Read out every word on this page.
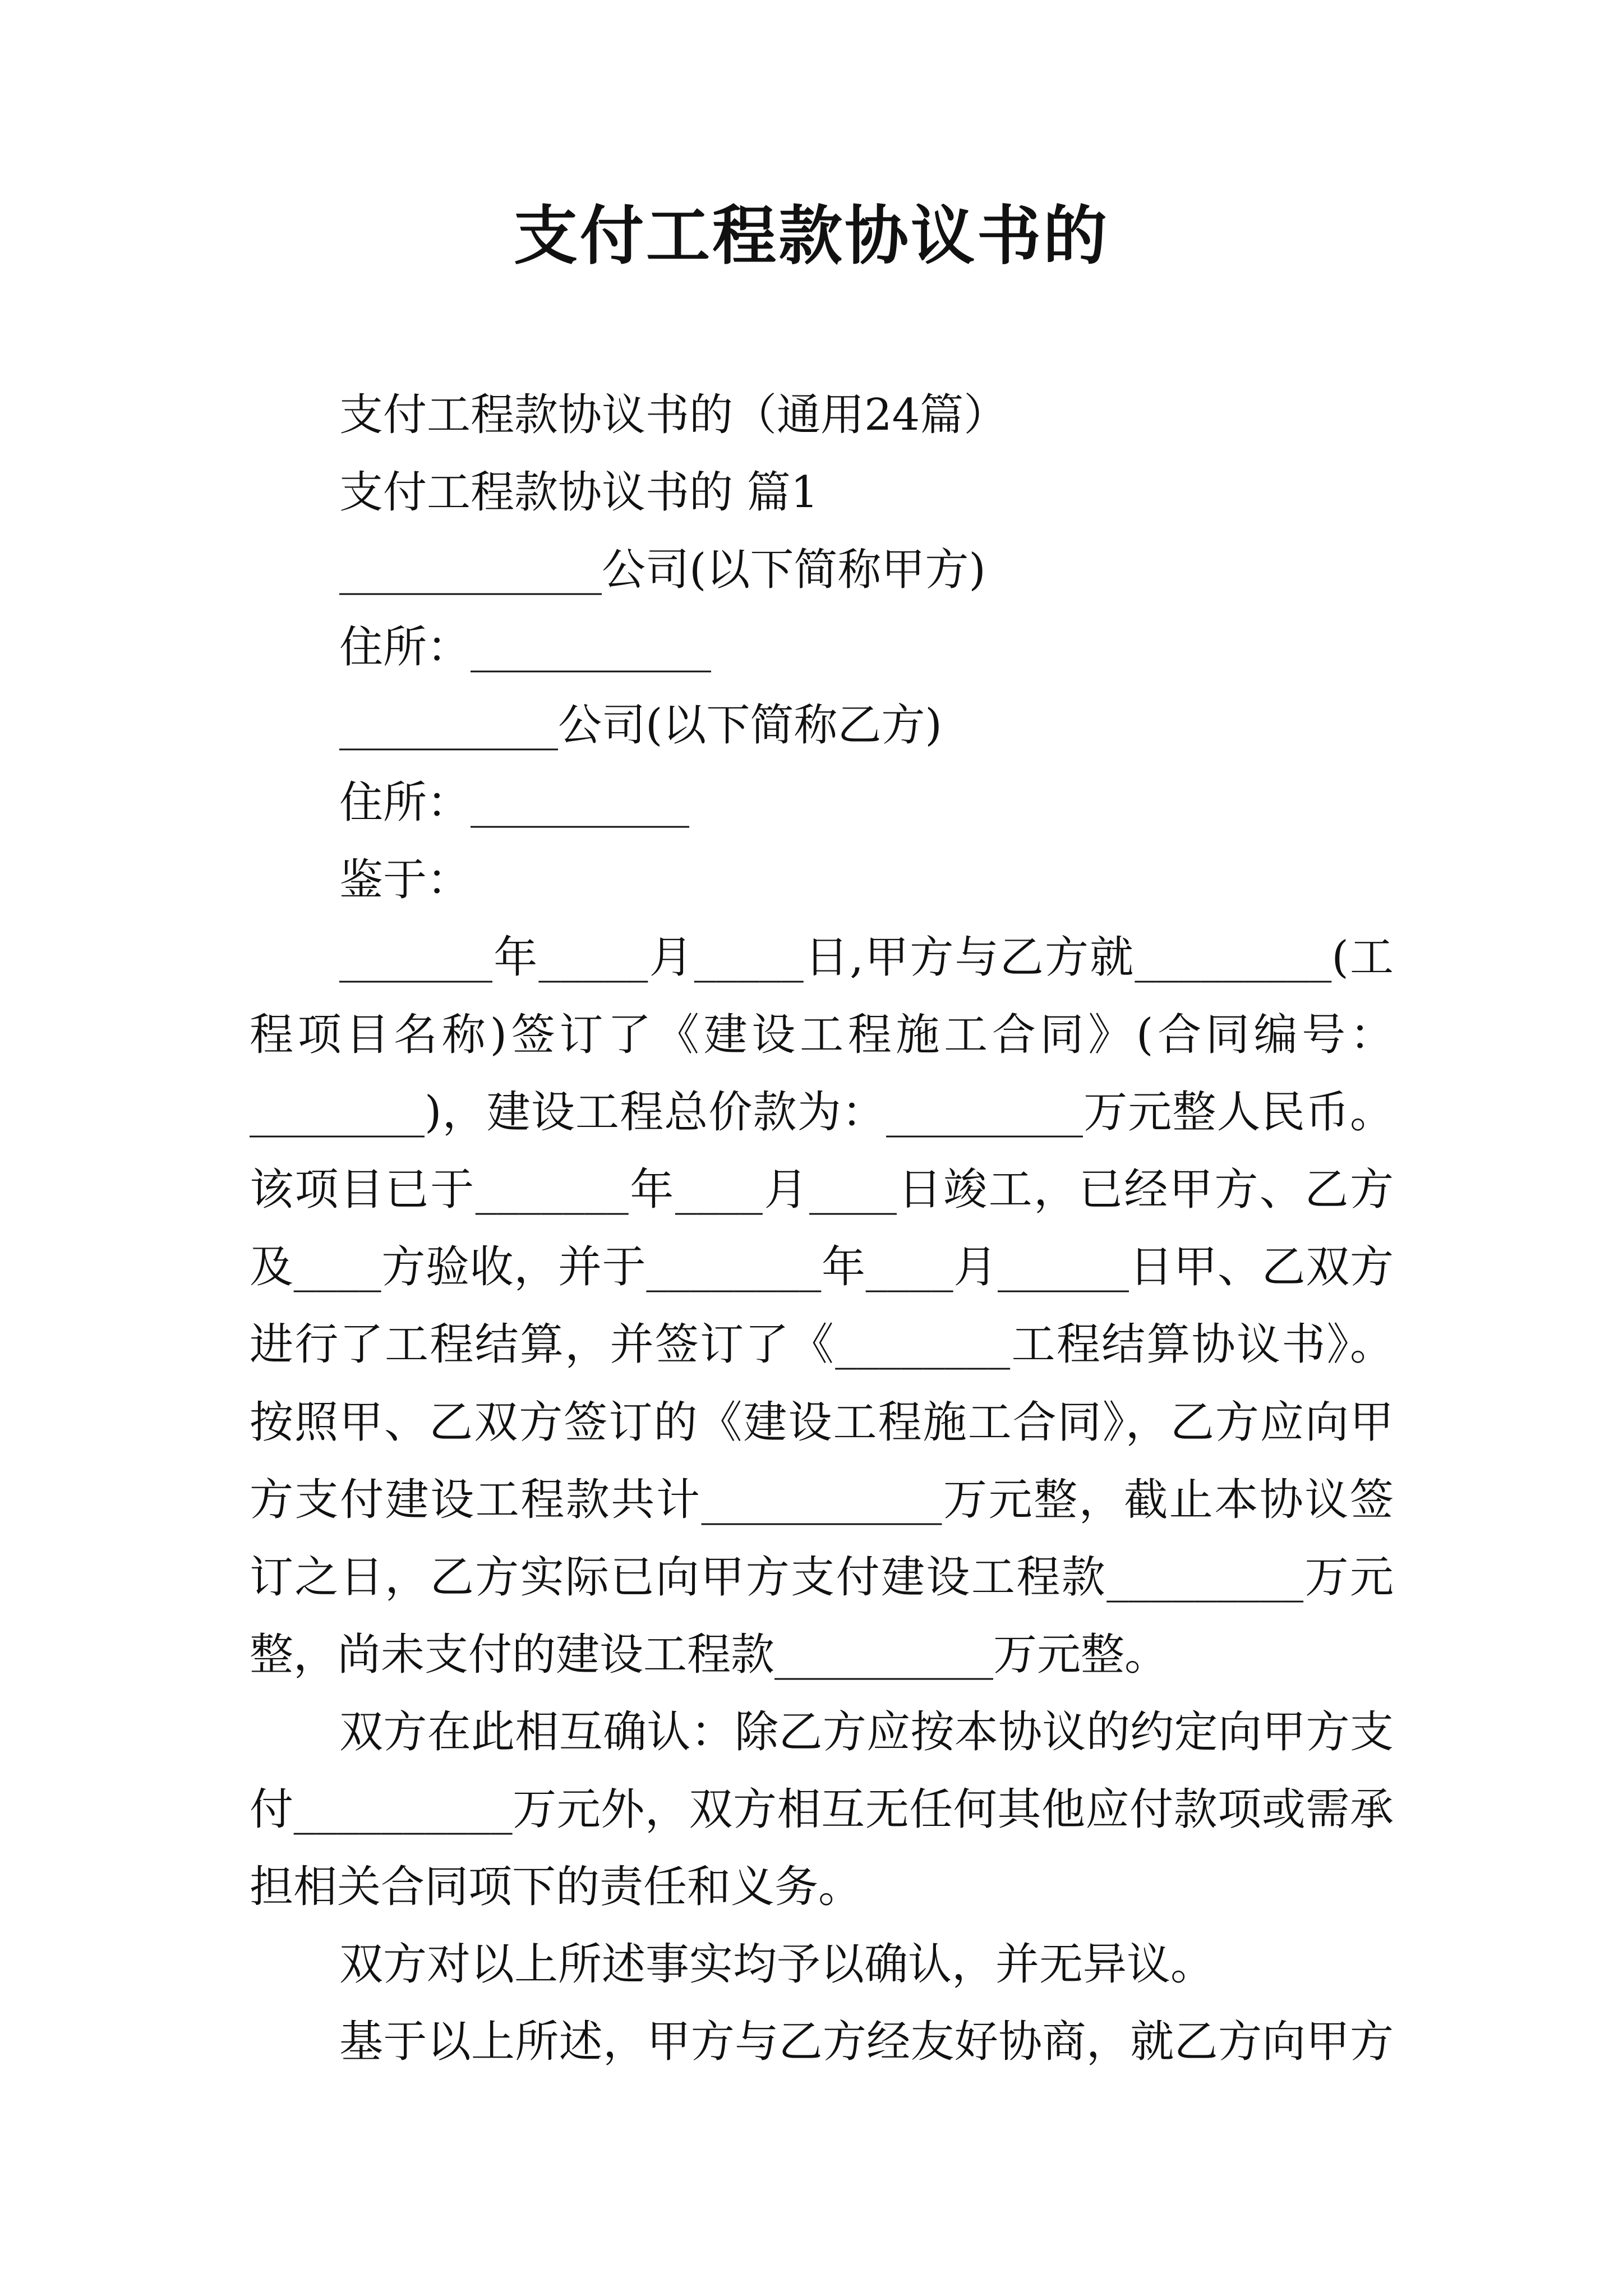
支付工程款协议书的

支付工程款协议书的（通用24篇）

支付工程款协议书的 篇1

____________公司(以下简称甲方)

住所：___________

__________公司(以下简称乙方)

住所：__________

鉴于：

_______年_____月_____日,甲方与乙方就_________(工

程项目名称)签订了《建设工程施工合同》(合同编号：

________)，建设工程总价款为：_________万元整人民币。

该项目已于_______年____月____日竣工，已经甲方、乙方

及____方验收，并于________年____月______日甲、乙双方

进行了工程结算，并签订了《________工程结算协议书》。

按照甲、乙双方签订的《建设工程施工合同》，乙方应向甲

方支付建设工程款共计___________万元整，截止本协议签

订之日，乙方实际已向甲方支付建设工程款_________万元

整，尚未支付的建设工程款__________万元整。

双方在此相互确认：除乙方应按本协议的约定向甲方支

付__________万元外，双方相互无任何其他应付款项或需承

担相关合同项下的责任和义务。

双方对以上所述事实均予以确认，并无异议。

基于以上所述，甲方与乙方经友好协商，就乙方向甲方
